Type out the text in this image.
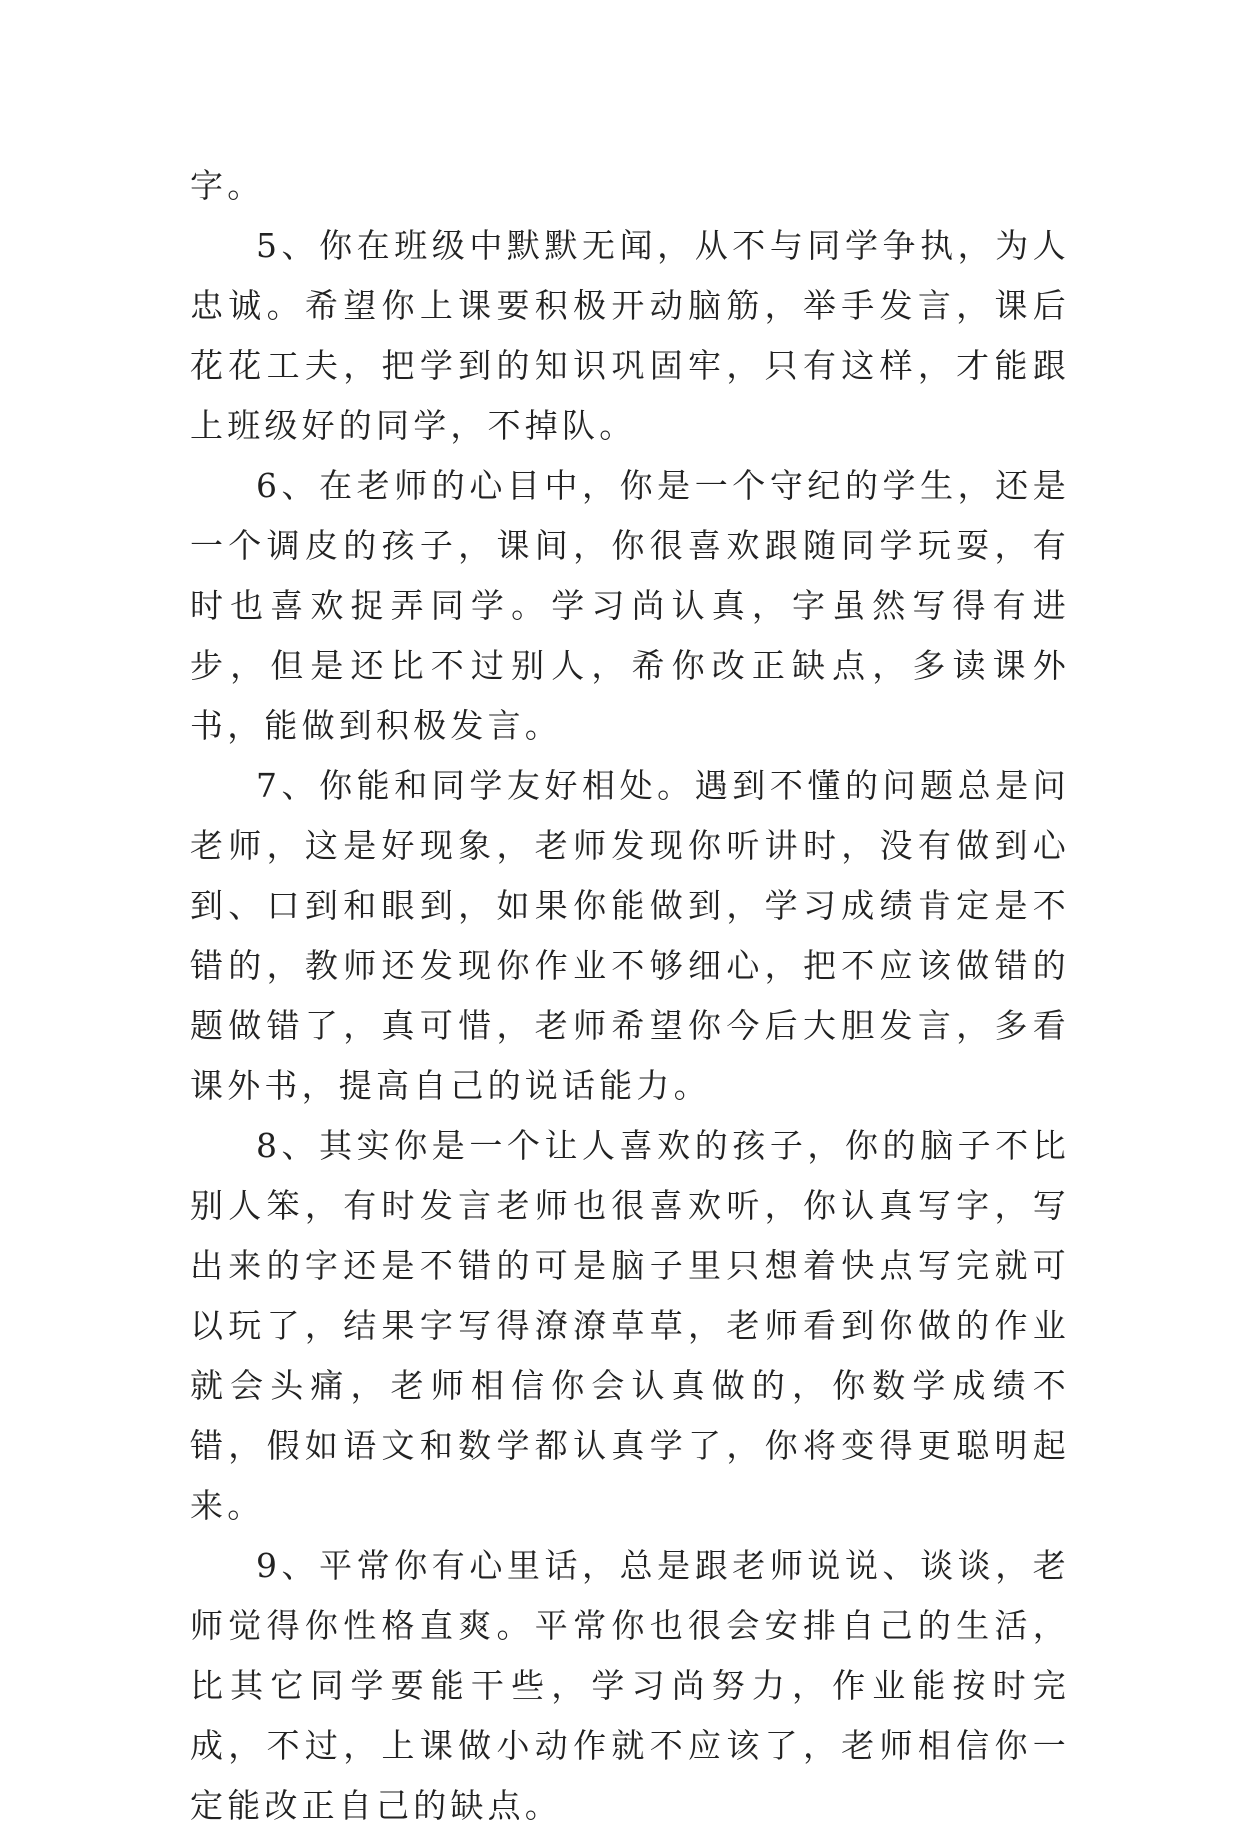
字。

5、你在班级中默默无闻，从不与同学争执，为人忠诚。希望你上课要积极开动脑筋，举手发言，课后花花工夫，把学到的知识巩固牢，只有这样，才能跟上班级好的同学，不掉队。

6、在老师的心目中，你是一个守纪的学生，还是一个调皮的孩子，课间，你很喜欢跟随同学玩耍，有时也喜欢捉弄同学。学习尚认真，字虽然写得有进步，但是还比不过别人，希你改正缺点，多读课外书，能做到积极发言。

7、你能和同学友好相处。遇到不懂的问题总是问老师，这是好现象，老师发现你听讲时，没有做到心到、口到和眼到，如果你能做到，学习成绩肯定是不错的，教师还发现你作业不够细心，把不应该做错的题做错了，真可惜，老师希望你今后大胆发言，多看课外书，提高自己的说话能力。

8、其实你是一个让人喜欢的孩子，你的脑子不比别人笨，有时发言老师也很喜欢听，你认真写字，写出来的字还是不错的可是脑子里只想着快点写完就可以玩了，结果字写得潦潦草草，老师看到你做的作业就会头痛，老师相信你会认真做的，你数学成绩不错，假如语文和数学都认真学了，你将变得更聪明起来。

9、平常你有心里话，总是跟老师说说、谈谈，老师觉得你性格直爽。平常你也很会安排自己的生活，比其它同学要能干些，学习尚努力，作业能按时完成，不过，上课做小动作就不应该了，老师相信你一定能改正自己的缺点。
